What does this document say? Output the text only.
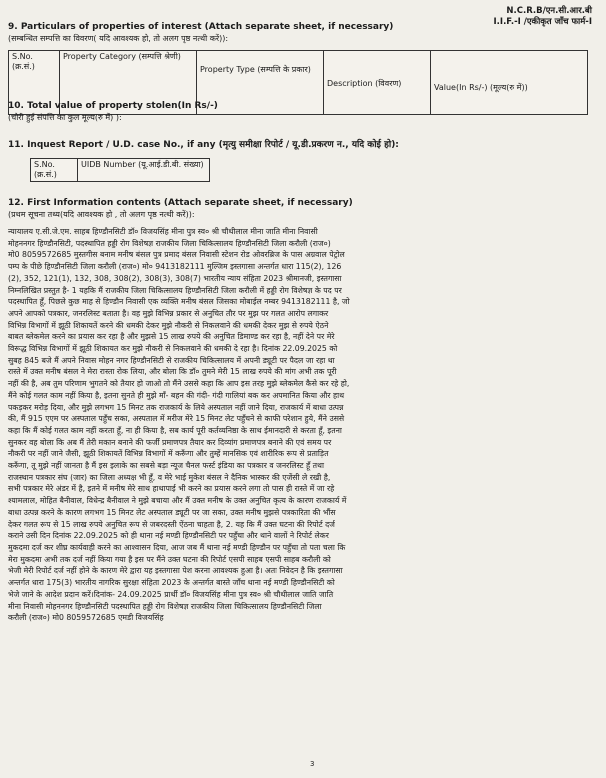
N.C.R.B/एन.सी.आर.बी
I.I.F.-I /एकीकृत जाँच फार्म-I
9. Particulars of properties of interest (Attach separate sheet, if necessary)
(सम्बन्धित सम्पत्ति का विवरण( यदि आवश्यक हो, तो अलग पृष्ठ नत्थी करें)):
S.No. (क्र.सं.)	Property Category (सम्पत्ति श्रेणी)	Property Type (सम्पत्ति के प्रकार)	Description (विवरण)	Value(In Rs/-) (मूल्य(रु में))
10. Total value of property stolen(In Rs/-)
(चोरी हुई संपत्ति का कुल मूल्य(रु में) ):
11. Inquest Report / U.D. case No., if any (मृत्यु समीक्षा रिपोर्ट / यू.डी.प्रकरण न., यदि कोई हो):
S.No. (क्र.सं.)	UIDB Number (यू.आई.डी.बी. संख्या)
12. First Information contents (Attach separate sheet, if necessary)
(प्रथम सूचना तथ्य(यदि आवश्यक हो , तो अलग पृष्ठ नत्थी करें)):
न्यायालय ए.सी.जे.एम. साहब हिण्डौनसिटी डॉ० विजयसिंह मीना पुत्र स्व० श्री चौथीलाल मीना जाति मीना निवासी
मोहननगर हिण्डौनसिटी, पदस्थापित हड्डी रोग विशेषज्ञ राजकीय जिला चिकित्सालय हिण्डौनसिटी जिला करौली (राज०)
मो0 8059572685 मुस्तगीस बनाम मनीष बंसल पुत्र प्रमाद बंसल निवासी स्टेशन रोड ओवरब्रिज के पास अग्रवाल पेट्रोल
पम्प के पीछे हिण्डौनसिटी जिला करौली (राज०) मो० 9413182111 मुल्जिम इस्तगासा अन्तर्गत धारा 115(2), 126
(2), 352, 121(1), 132, 308, 308(2), 308(3), 308(7) भारतीय न्याय संहिता 2023 श्रीमानजी, इस्तगासा
निम्नलिखित प्रस्तुत है- 1 यहकि मैं राजकीय जिला चिकित्सालय हिण्डौनसिटी जिला करौली में हड्डी रोग विशेषज्ञ के पद पर
पदस्थापित हूँ, पिछले कुछ माह से हिण्डौन निवासी एक व्यक्ति मनीष बंसल जिसका मोबाईल नम्बर 9413182111 है, जो
अपने आपको पत्रकार, जनरलिस्ट बताता है। वह मुझे विभिन्न प्रकार से अनुचित तौर पर मुझ पर गलत आरोप लगाकर
विभिन्न विभागों में झूठी शिकायतें करने की धमकी देकर मुझे नौकरी से निकलवाने की धमकी देकर मुझ से रुपये ऐठने
बाबत ब्लेकमेल करने का प्रयास कर रहा है और मुझसे 15 लाख रुपये की अनुचित डिमाण्ड कर रहा है, नहीं देने पर मेरे
विरूद्ध विभिन्न विभागों में झूठी शिकायत कर मुझे नौकरी से निकलवाने की धमकी दे रहा है। दिनांक 22.09.2025 को
सुबह 845 बजे मैं अपने निवास मोहन नगर हिण्डौनसिटी से राजकीय चिकित्सालय में अपनी ड्यूटी पर पैदल जा रहा था
रास्ते में उक्त मनीष बंसल ने मेरा रास्ता रोक लिया, और बोला कि डॉ० तुमने मेरी 15 लाख रुपये की मांग अभी तक पूरी
नहीं की है, अब तुम परिणाम भुगतने को तैयार हो जाओ तो मैंने उससे कहा कि आप इस तरह मुझे ब्लेकमेल कैसे कर रहे हो,
मैंने कोई गलत काम नहीं किया है, इतना सुनते ही मुझे माँ- बहन की गंदी- गंदी गालियां बक कर अपमानित किया और हाथ
पकड़कर मरोड़ दिया, और मुझे लगभग 15 मिनट तक राजकार्य के लिये अस्पताल नहीं जाने दिया, राजकार्य में बाधा उत्पन्न
की, मैं 915 एएम पर अस्पताल पहुँच सका, अस्पताल में मरीज मेरे 15 मिनट लेट पहुँचने से काफी परेशान हुये, मैंने उससे
कहा कि मैं कोई गलत काम नहीं करता हूँ, ना ही किया है, सब कार्य पूरी कर्तव्यनिष्ठा के साथ ईमानदारी से करता हूँ, इतना
सुनकर वह बोला कि अब मैं तेरी मकान बनाने की फर्जी प्रमाणपत्र तैयार कर दिव्यांग प्रमाणपत्र बनाने की एवं समय पर
नौकरी पर नहीं जाने जैसी, झूठी शिकायतें विभिन्न विभागों में करूँगा और तुम्हें मानसिक एवं शारीरिक रूप से प्रताड़ित
करूँगा, तू मुझे नहीं जानता है मैं इस इलाके का सबसे बड़ा न्यूज चैनल फर्स्ट इंडिया का पत्रकार व जनरलिस्ट हूँ तथा
राजस्थान पत्रकार संघ (जार) का जिला अध्यक्ष भी हूँ, व मेरे भाई मुकेश बंसल ने दैनिक भास्कर की एजेंसी ले रखी है,
सभी पत्रकार मेरे अंडर में है, इतने में मनीष मेरे साथ हाथापाई भी करने का प्रयास करने लगा तो पास ही रास्ते में जा रहे
श्यामलाल, मोहित बैनीवाल, विधेन्द्र बैनीवाल ने मुझे बचाया और मैं उक्त मनीष के उक्त अनुचित कृत्य के कारण राजकार्य में
बाधा उत्पन्न करने के कारण लगभग 15 मिनट लेट अस्पताल ड्यूटी पर जा सका, उक्त मनीष मुझसे पत्रकारिता की भौंस
देकर गलत रूप से 15 लाख रुपये अनुचित रूप से जबरदस्ती ऐंठना चाहता है, 2. यह कि मैं उक्त घटना की रिपोर्ट दर्ज
कराने उसी दिन दिनांक 22.09.2025 को ही थाना नई मण्डी हिण्डौनसिटी पर पहुँचा और थाने वालों ने रिपोर्ट लेकर
मुकदमा दर्ज कर शीघ्र कार्यवाही करने का आश्वासन दिया, आज जब मैं थाना नई मण्डी हिण्डौन पर पहुँचा तो पता चला कि
मेरा मुकदमा अभी तक दर्ज नहीं किया गया है इस पर मैंने उक्त घटना की रिपोर्ट एसपी साहब एसपी साहब करौली को
भेजी मेरी रिपोर्ट दर्ज नहीं होने के कारण मेरे द्वारा यह इस्तगासा पेश करना आवश्यक हुआ है। अतः निवेदन है कि इस्तगासा
अन्तर्गत धारा 175(3) भारतीय नागरिक सुरक्षा संहिता 2023 के अन्तर्गत बास्ते जाँच थाना नई मण्डी हिण्डौनसिटी को
भेजे जाने के आदेश प्रदान करें।दिनांक- 24.09.2025 प्रार्थी डॉ० विजयसिंह मीना पुत्र स्व० श्री चौथीलाल जाति जाति
मीना निवासी मोहननगर हिण्डौनसिटी पदस्थापित हड्डी रोग विशेषज्ञ राजकीय जिला चिकित्सालय हिण्डौनसिटी जिला
करौली (राज०) मो0 8059572685 एमडी विजयसिंह
3
